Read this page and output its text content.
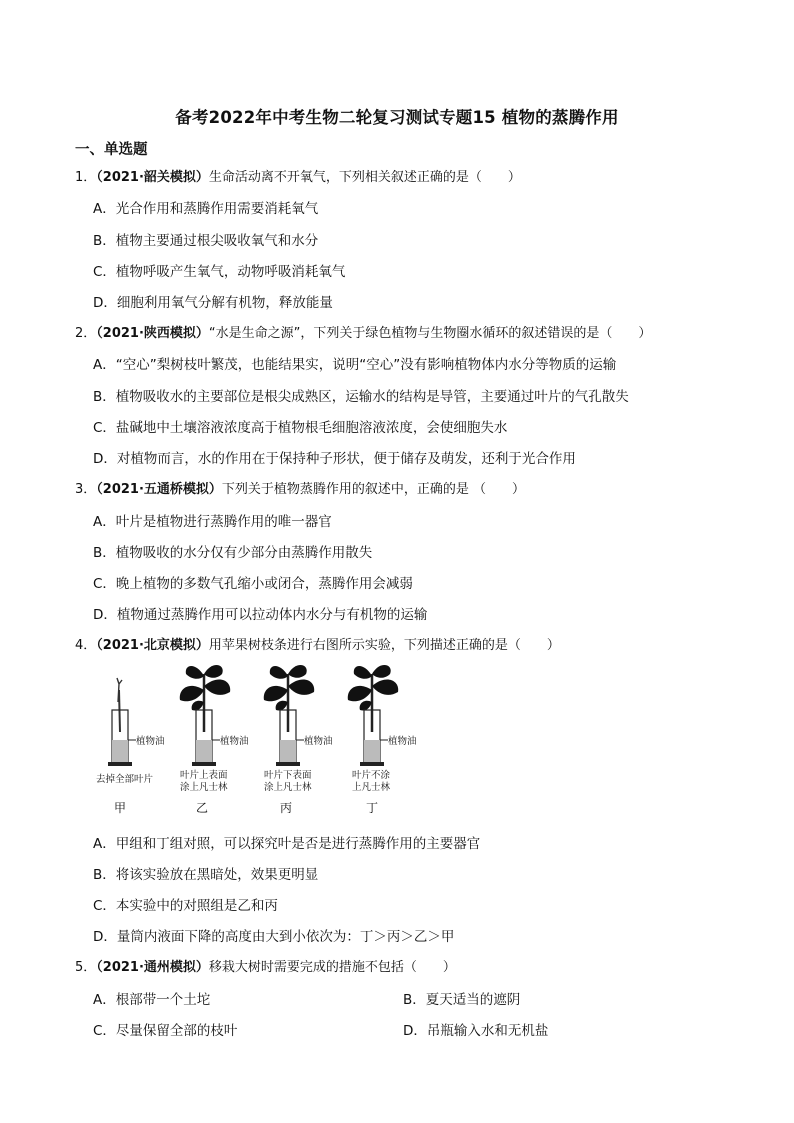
备考2022年中考生物二轮复习测试专题15 植物的蒸腾作用
一、单选题
1．（2021·韶关模拟）生命活动离不开氧气，下列相关叙述正确的是（　　）
A．光合作用和蒸腾作用需要消耗氧气
B．植物主要通过根尖吸收氧气和水分
C．植物呼吸产生氧气，动物呼吸消耗氧气
D．细胞利用氧气分解有机物，释放能量
2．（2021·陕西模拟）“水是生命之源”，下列关于绿色植物与生物圈水循环的叙述错误的是（　　）
A．“空心”梨树枝叶繁茂，也能结果实，说明“空心”没有影响植物体内水分等物质的运输
B．植物吸收水的主要部位是根尖成熟区，运输水的结构是导管，主要通过叶片的气孔散失
C．盐碱地中土壤溶液浓度高于植物根毛细胞溶液浓度，会使细胞失水
D．对植物而言，水的作用在于保持种子形状，便于储存及萌发，还利于光合作用
3．（2021·五通桥模拟）下列关于植物蒸腾作用的叙述中，正确的是 （　　）
A．叶片是植物进行蒸腾作用的唯一器官
B．植物吸收的水分仅有少部分由蒸腾作用散失
C．晚上植物的多数气孔缩小或闭合，蒸腾作用会减弱
D．植物通过蒸腾作用可以拉动体内水分与有机物的运输
4．（2021·北京模拟）用苹果树枝条进行右图所示实验，下列描述正确的是（　　）
植物油
去掉全部叶片
甲
植物油
叶片上表面
涂上凡士林
乙
植物油
叶片下表面
涂上凡士林
丙
植物油
叶片不涂
上凡士林
丁
A．甲组和丁组对照，可以探究叶是否是进行蒸腾作用的主要器官
B．将该实验放在黑暗处，效果更明显
C．本实验中的对照组是乙和丙
D．量筒内液面下降的高度由大到小依次为：丁＞丙＞乙＞甲
5．（2021·通州模拟）移栽大树时需要完成的措施不包括（　　）
A．根部带一个土坨	B．夏天适当的遮阴
C．尽量保留全部的枝叶	D．吊瓶输入水和无机盐
